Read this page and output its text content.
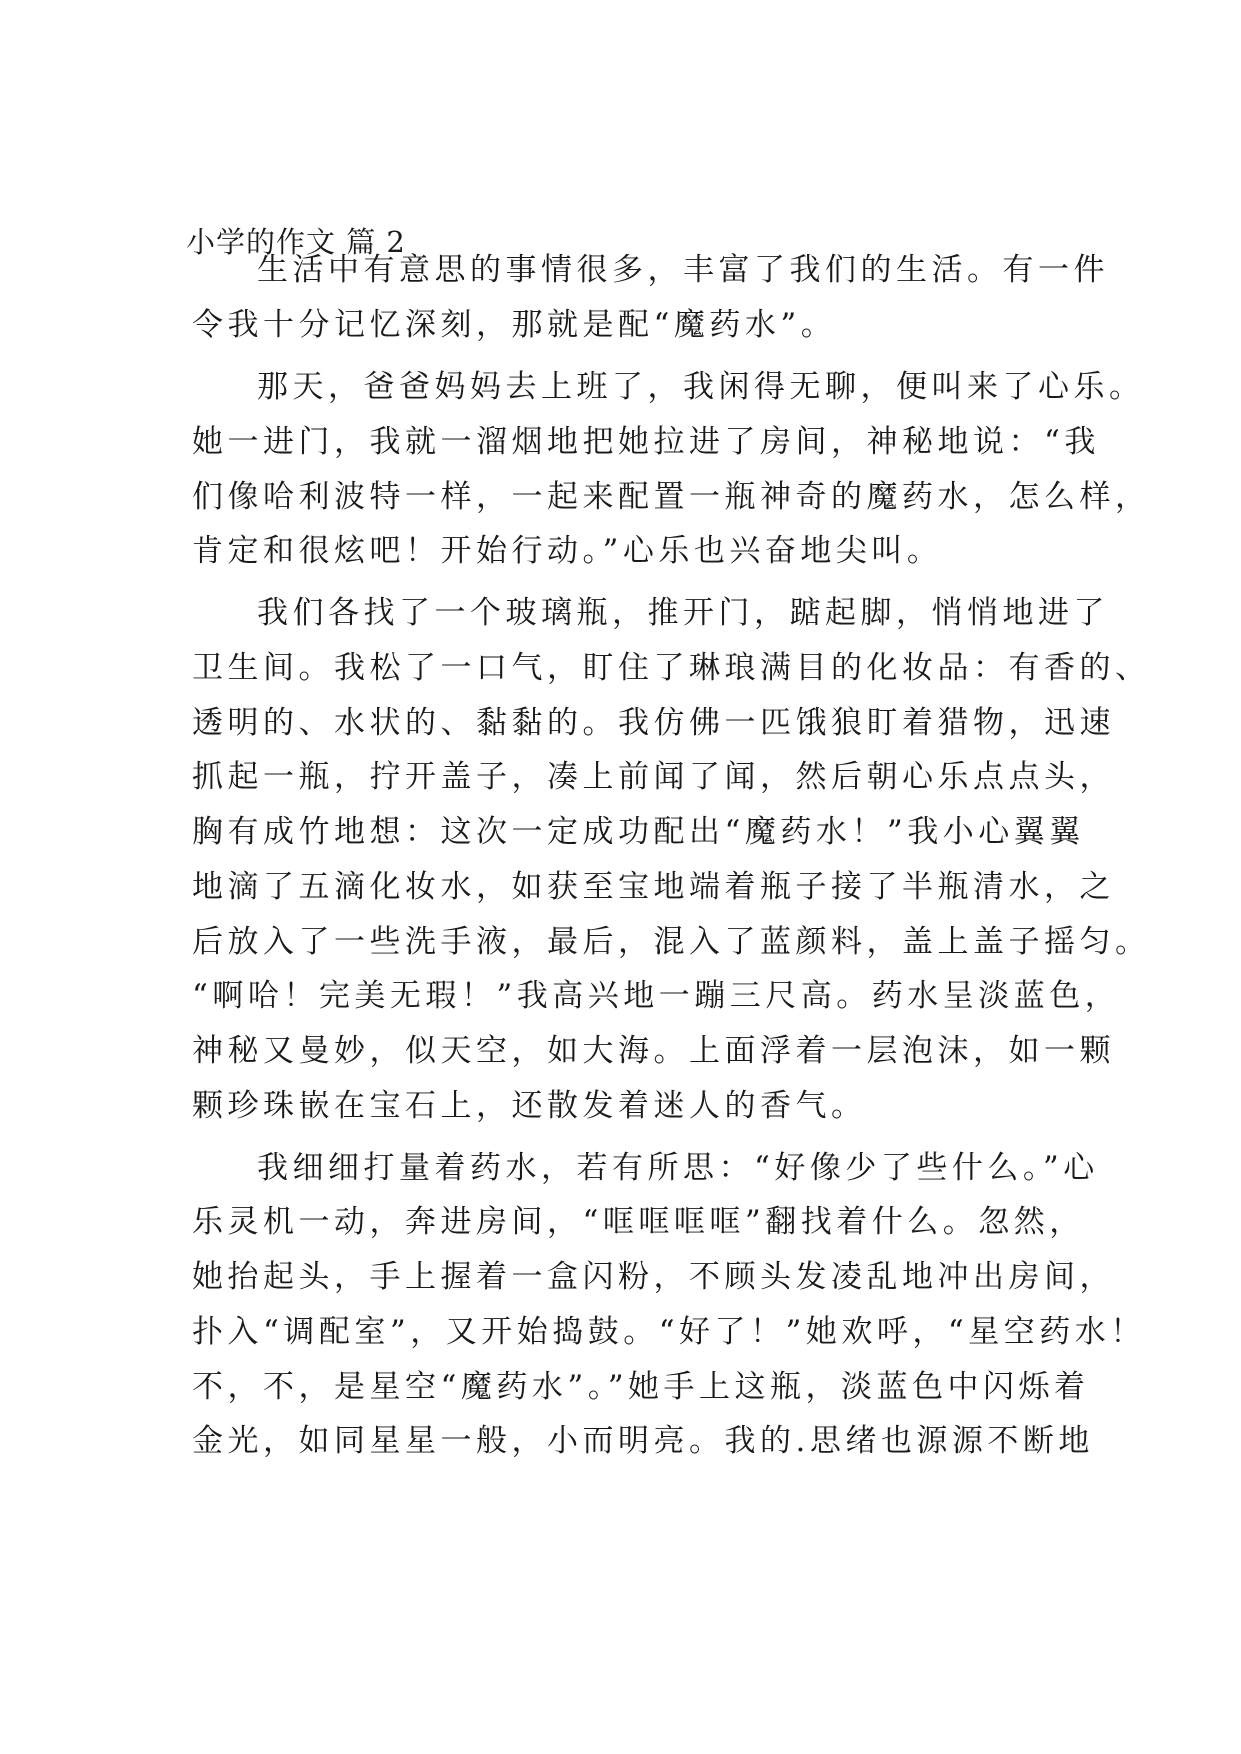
小学的作文 篇 2
生活中有意思的事情很多，丰富了我们的生活。有一件
令我十分记忆深刻，那就是配“魔药水”。
那天，爸爸妈妈去上班了，我闲得无聊，便叫来了心乐。
她一进门，我就一溜烟地把她拉进了房间，神秘地说：“我
们像哈利波特一样，一起来配置一瓶神奇的魔药水，怎么样，
肯定和很炫吧！开始行动。”心乐也兴奋地尖叫。
我们各找了一个玻璃瓶，推开门，踮起脚，悄悄地进了
卫生间。我松了一口气，盯住了琳琅满目的化妆品：有香的、
透明的、水状的、黏黏的。我仿佛一匹饿狼盯着猎物，迅速
抓起一瓶，拧开盖子，凑上前闻了闻，然后朝心乐点点头，
胸有成竹地想：这次一定成功配出“魔药水！”我小心翼翼
地滴了五滴化妆水，如获至宝地端着瓶子接了半瓶清水，之
后放入了一些洗手液，最后，混入了蓝颜料，盖上盖子摇匀。
“啊哈！完美无瑕！”我高兴地一蹦三尺高。药水呈淡蓝色，
神秘又曼妙，似天空，如大海。上面浮着一层泡沫，如一颗
颗珍珠嵌在宝石上，还散发着迷人的香气。
我细细打量着药水，若有所思：“好像少了些什么。”心
乐灵机一动，奔进房间，“哐哐哐哐”翻找着什么。忽然，
她抬起头，手上握着一盒闪粉，不顾头发凌乱地冲出房间，
扑入“调配室”，又开始捣鼓。“好了！”她欢呼，“星空药水！
不，不，是星空“魔药水”。”她手上这瓶，淡蓝色中闪烁着
金光，如同星星一般，小而明亮。我的.思绪也源源不断地
